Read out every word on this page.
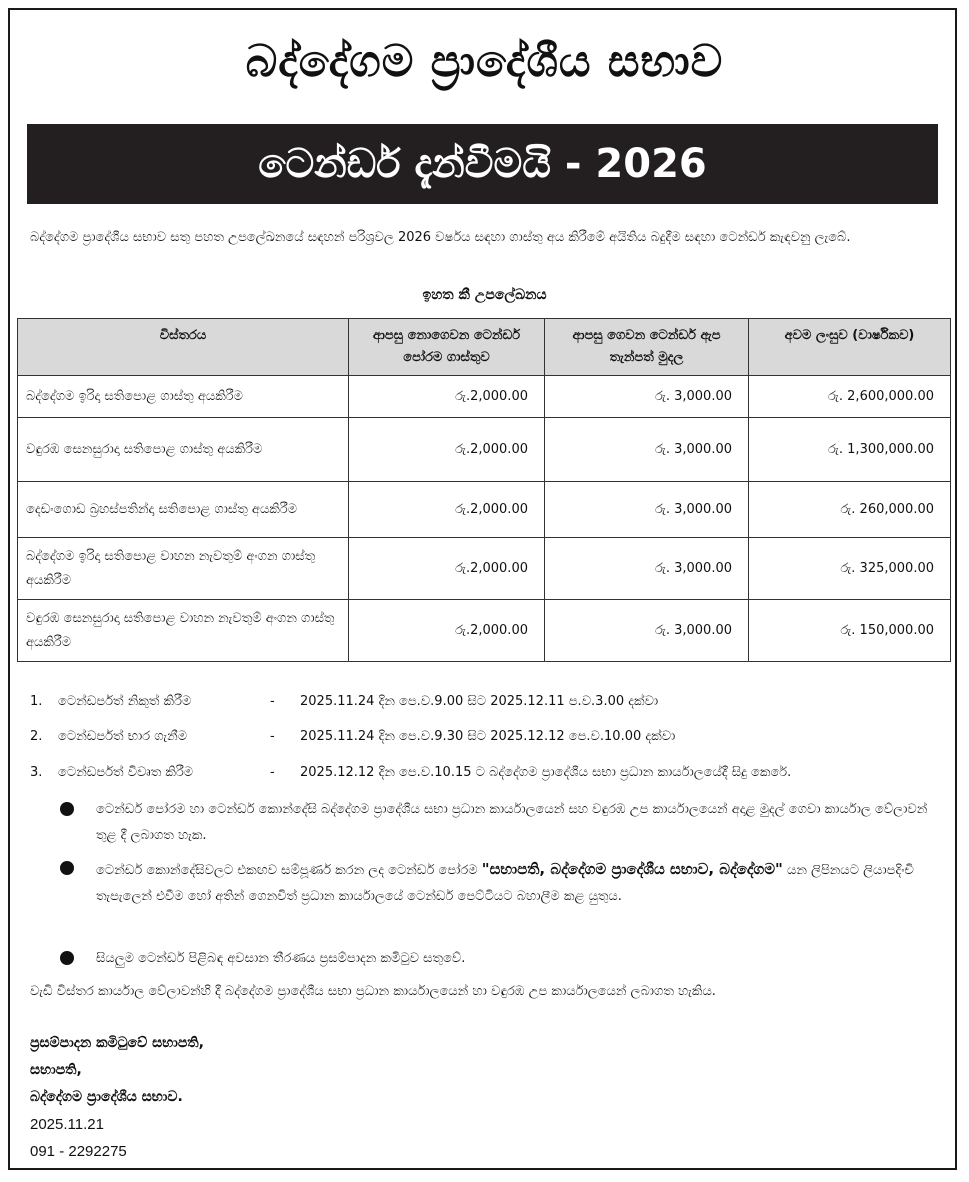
බද්දේගම ප්‍රාදේශීය සභාව
ටෙන්ඩර් දැන්වීමයි - 2026
බද්දේගම ප්‍රාදේශීය සභාව සතු පහත උපලේඛනයේ සඳහන් පරිශ්‍රවල 2026 වර්ෂය සඳහා ගාස්තු අය කිරීමේ අයිතිය බදුදීම සඳහා ටෙන්ඩර් කැඳවනු ලැබේ.
ඉහත කී උපලේඛනය
විස්තරය	ආපසු නොගෙවන ටෙන්ඩර් පෝරම ගාස්තුව	ආපසු ගෙවන ටෙන්ඩර් ඇප තැන්පත් මුදල	අවම ලංසුව (වාර්ෂිකව)
බද්දේගම ඉරිදා සතිපොළ ගාස්තු අයකිරීම	රු.2,000.00	රු. 3,000.00	රු. 2,600,000.00
වඳුරඹ සෙනසුරාදා සතිපොළ ගාස්තු අයකිරීම	රු.2,000.00	රු. 3,000.00	රු. 1,300,000.00
දෙඩංගොඩ බ්‍රහස්පතින්දා සතිපොළ ගාස්තු අයකිරීම	රු.2,000.00	රු. 3,000.00	රු. 260,000.00
බද්දේගම ඉරිදා සතිපොළ වාහන නැවතුම් අංගන ගාස්තු අයකිරීම	රු.2,000.00	රු. 3,000.00	රු. 325,000.00
වඳුරඹ සෙනසුරාදා සතිපොළ වාහන නැවතුම් අංගන ගාස්තු අයකිරීම	රු.2,000.00	රු. 3,000.00	රු. 150,000.00
1. ටෙන්ඩර්පත් නිකුත් කිරීම	- 2025.11.24 දින පෙ.ව.9.00 සිට 2025.12.11 ප.ව.3.00 දක්වා
2. ටෙන්ඩර්පත් භාර ගැනීම	- 2025.11.24 දින පෙ.ව.9.30 සිට 2025.12.12 පෙ.ව.10.00 දක්වා
3. ටෙන්ඩර්පත් විවෘත කිරීම	- 2025.12.12 දින පෙ.ව.10.15 ට බද්දේගම ප්‍රාදේශීය සභා ප්‍රධාන කාර්යාලයේදී සිදු කෙරේ.
ටෙන්ඩර් පෝරම හා ටෙන්ඩර් කොන්දේසි බද්දේගම ප්‍රාදේශීය සභා ප්‍රධාන කාර්යාලයෙන් සහ වඳුරඹ උප කාර්යාලයෙන් අදාළ මුදල් ගෙවා කාර්යාල වේලාවන් තුළ දී ලබාගත හැක.
ටෙන්ඩර් කොන්දේසිවලට එකඟව සම්පූර්ණ කරන ලද ටෙන්ඩර් පෝරම "සභාපති, බද්දේගම ප්‍රාදේශීය සභාව, බද්දේගම" යන ලිපිනයට ලියාපදිංචි තැපැලෙන් එවීම හෝ අතින් ගෙනවිත් ප්‍රධාන කාර්යාලයේ ටෙන්ඩර් පෙට්ටියට බහාලීම කළ යුතුය.
සියලුම ටෙන්ඩර් පිළිබඳ අවසාන තීරණය ප්‍රසම්පාදන කමිටුව සතුවේ.
වැඩි විස්තර කාර්යාල වේලාවන්හි දී බද්දේගම ප්‍රාදේශීය සභා ප්‍රධාන කාර්යාලයෙන් හා වඳුරඹ උප කාර්යාලයෙන් ලබාගත හැකිය.
ප්‍රසම්පාදන කමිටුවේ සභාපති,
සභාපති,
බද්දේගම ප්‍රාදේශීය සභාව.
2025.11.21
091 - 2292275
